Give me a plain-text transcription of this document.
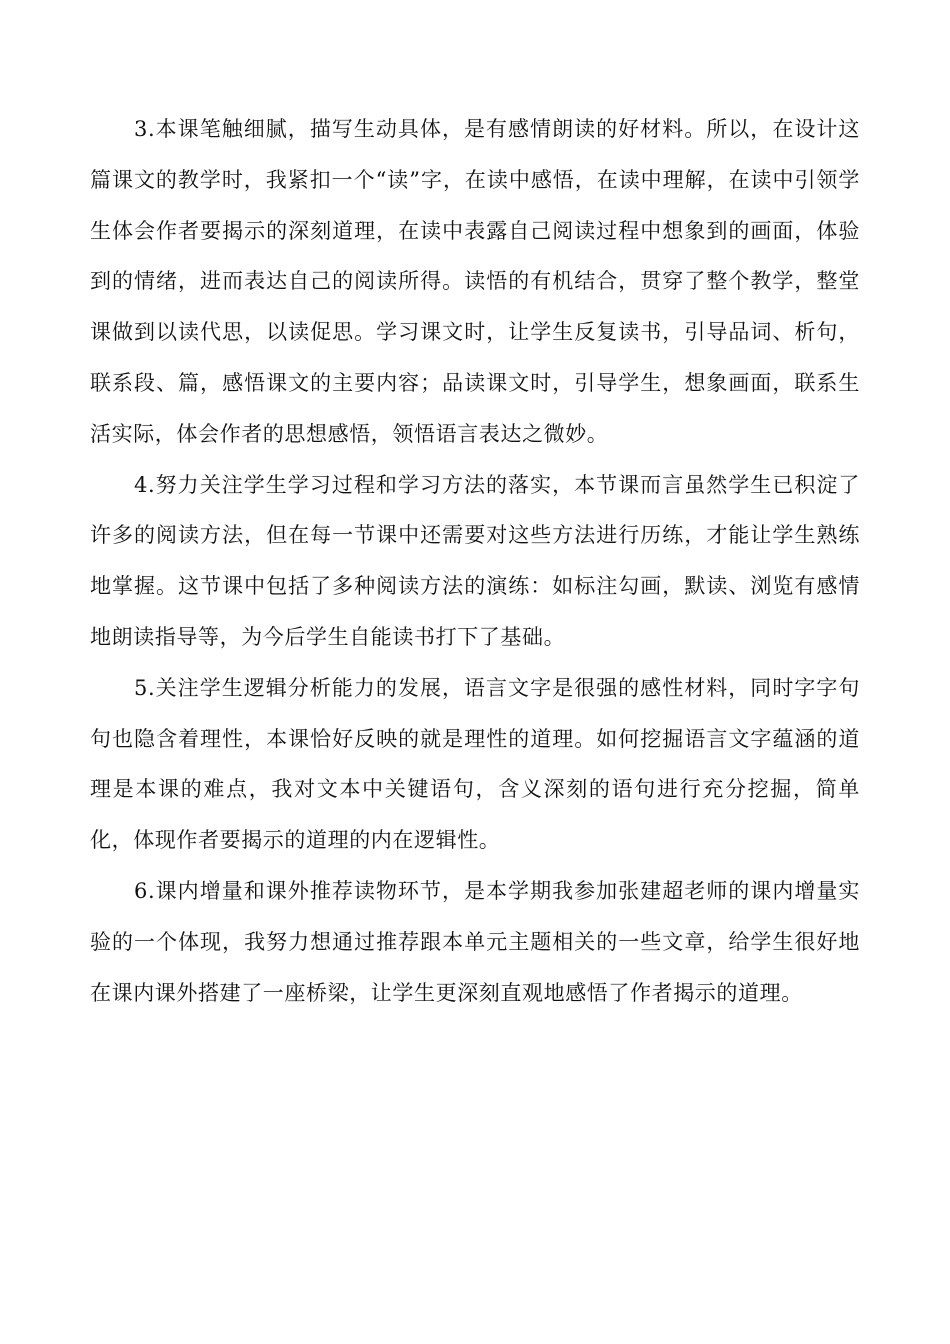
3.本课笔触细腻，描写生动具体，是有感情朗读的好材料。所以，在设计这篇课文的教学时，我紧扣一个“读”字，在读中感悟，在读中理解，在读中引领学生体会作者要揭示的深刻道理，在读中表露自己阅读过程中想象到的画面，体验到的情绪，进而表达自己的阅读所得。读悟的有机结合，贯穿了整个教学，整堂课做到以读代思，以读促思。学习课文时，让学生反复读书，引导品词、析句，联系段、篇，感悟课文的主要内容；品读课文时，引导学生，想象画面，联系生活实际，体会作者的思想感悟，领悟语言表达之微妙。

4.努力关注学生学习过程和学习方法的落实，本节课而言虽然学生已积淀了许多的阅读方法，但在每一节课中还需要对这些方法进行历练，才能让学生熟练地掌握。这节课中包括了多种阅读方法的演练：如标注勾画，默读、浏览有感情地朗读指导等，为今后学生自能读书打下了基础。

5.关注学生逻辑分析能力的发展，语言文字是很强的感性材料，同时字字句句也隐含着理性，本课恰好反映的就是理性的道理。如何挖掘语言文字蕴涵的道理是本课的难点，我对文本中关键语句，含义深刻的语句进行充分挖掘，简单化，体现作者要揭示的道理的内在逻辑性。

6.课内增量和课外推荐读物环节，是本学期我参加张建超老师的课内增量实验的一个体现，我努力想通过推荐跟本单元主题相关的一些文章，给学生很好地在课内课外搭建了一座桥梁，让学生更深刻直观地感悟了作者揭示的道理。
